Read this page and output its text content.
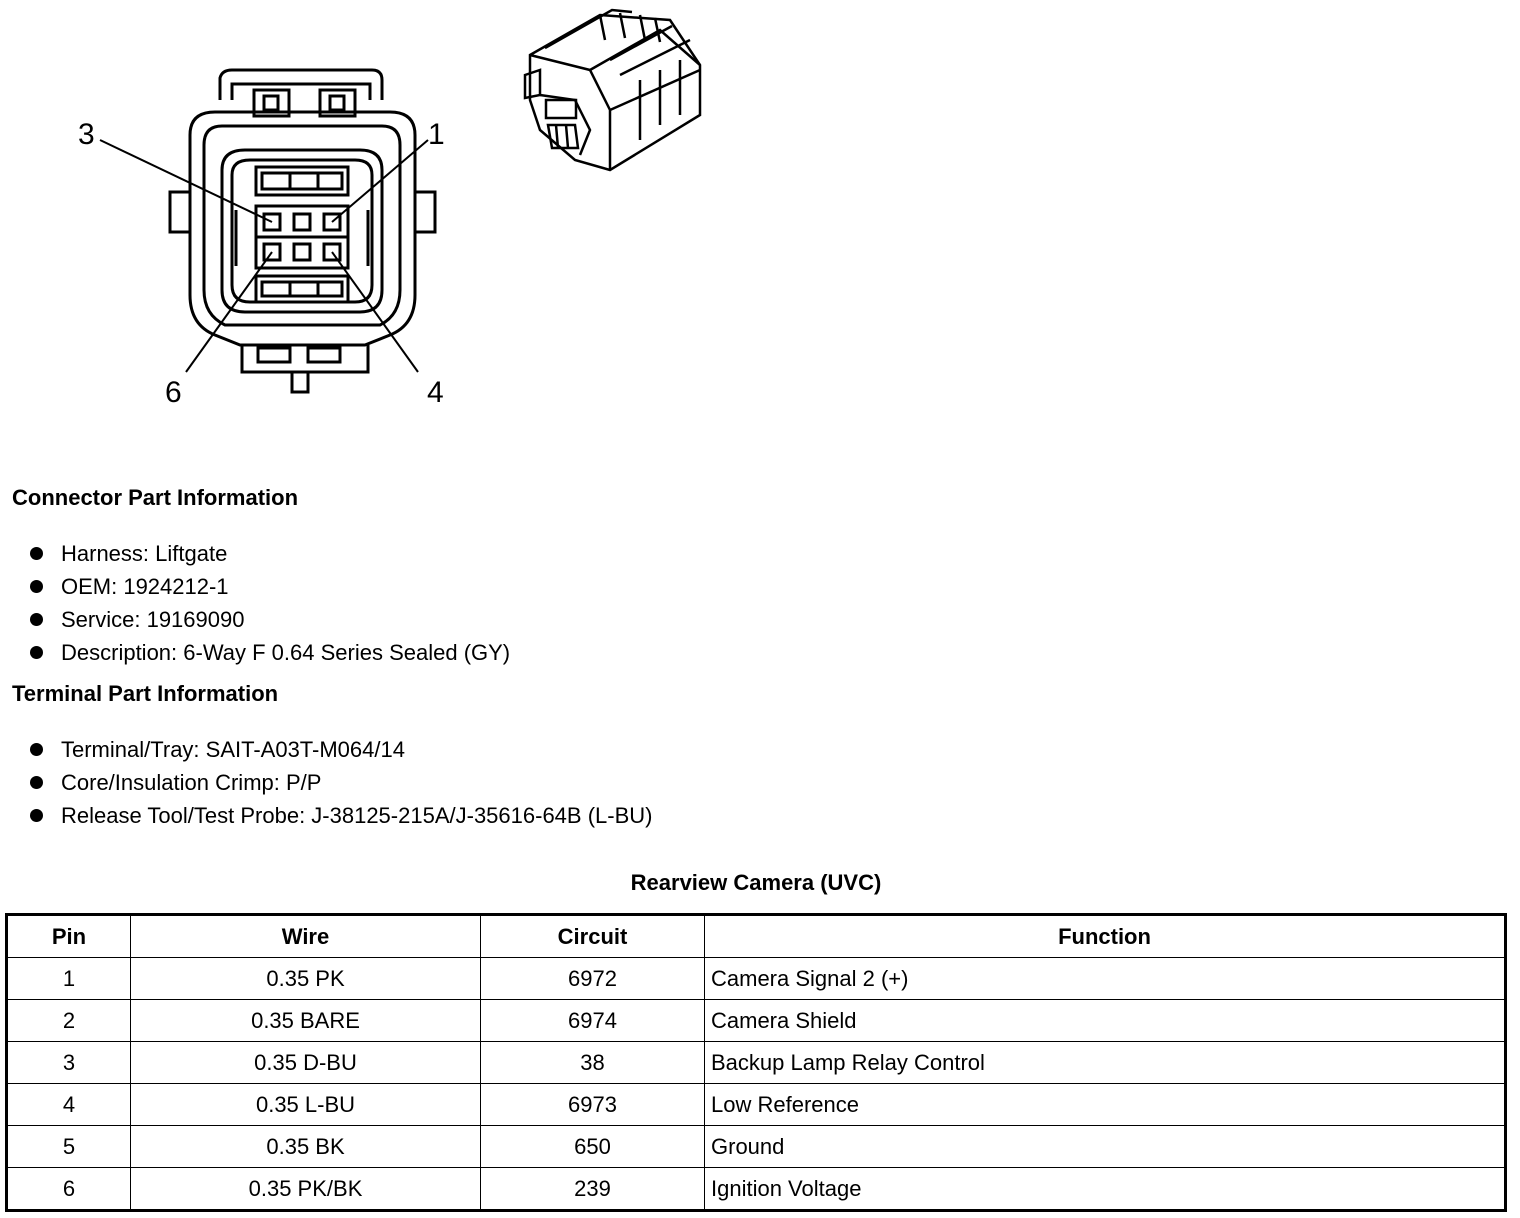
3	1
6	4
Connector Part Information
Harness: Liftgate
OEM: 1924212-1
Service: 19169090
Description: 6-Way F 0.64 Series Sealed (GY)
Terminal Part Information
Terminal/Tray: SAIT-A03T-M064/14
Core/Insulation Crimp: P/P
Release Tool/Test Probe: J-38125-215A/J-35616-64B (L-BU)
Rearview Camera (UVC)
Pin	Wire	Circuit	Function
1	0.35 PK	6972	Camera Signal 2 (+)
2	0.35 BARE	6974	Camera Shield
3	0.35 D-BU	38	Backup Lamp Relay Control
4	0.35 L-BU	6973	Low Reference
5	0.35 BK	650	Ground
6	0.35 PK/BK	239	Ignition Voltage
